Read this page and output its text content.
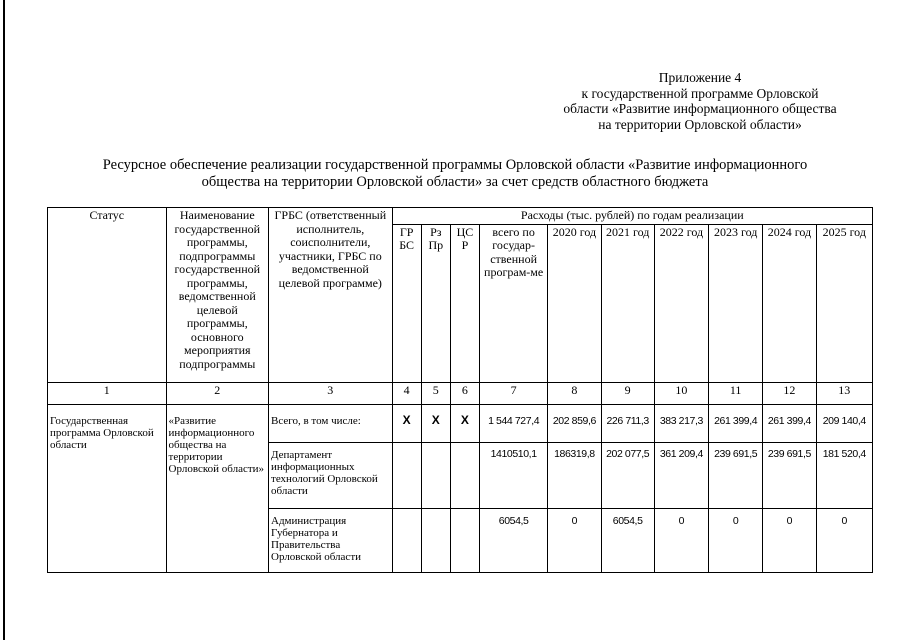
Приложение 4
к государственной программе Орловской
области «Развитие информационного общества
на территории Орловской области»
Ресурсное обеспечение реализации государственной программы Орловской области «Развитие информационного
общества на территории Орловской области» за счет средств областного бюджета
Статус	Наименование государственной программы, подпрограммы государственной программы, ведомственной целевой программы, основного мероприятия подпрограммы	ГРБС (ответственный исполнитель, соисполнители, участники, ГРБС по ведомственной целевой программе)	Расходы (тыс. рублей) по годам реализации									
			ГР БС	Рз Пр	ЦС Р	всего по государ-ственной програм-ме	2020 год	2021 год	2022 год	2023 год	2024 год	2025 год
1	2	3	4	5	6	7	8	9	10	11	12	13
Государственная программа Орловской области	«Развитие информационного общества на территории Орловской области»	Всего, в том числе:	X	X	X	1 544 727,4	202 859,6	226 711,3	383 217,3	261 399,4	261 399,4	209 140,4
		Департамент информационных технологий Орловской области				1410510,1	186319,8	202 077,5	361 209,4	239 691,5	239 691,5	181 520,4
		Администрация Губернатора и Правительства Орловской области				6054,5	0	6054,5	0	0	0	0
